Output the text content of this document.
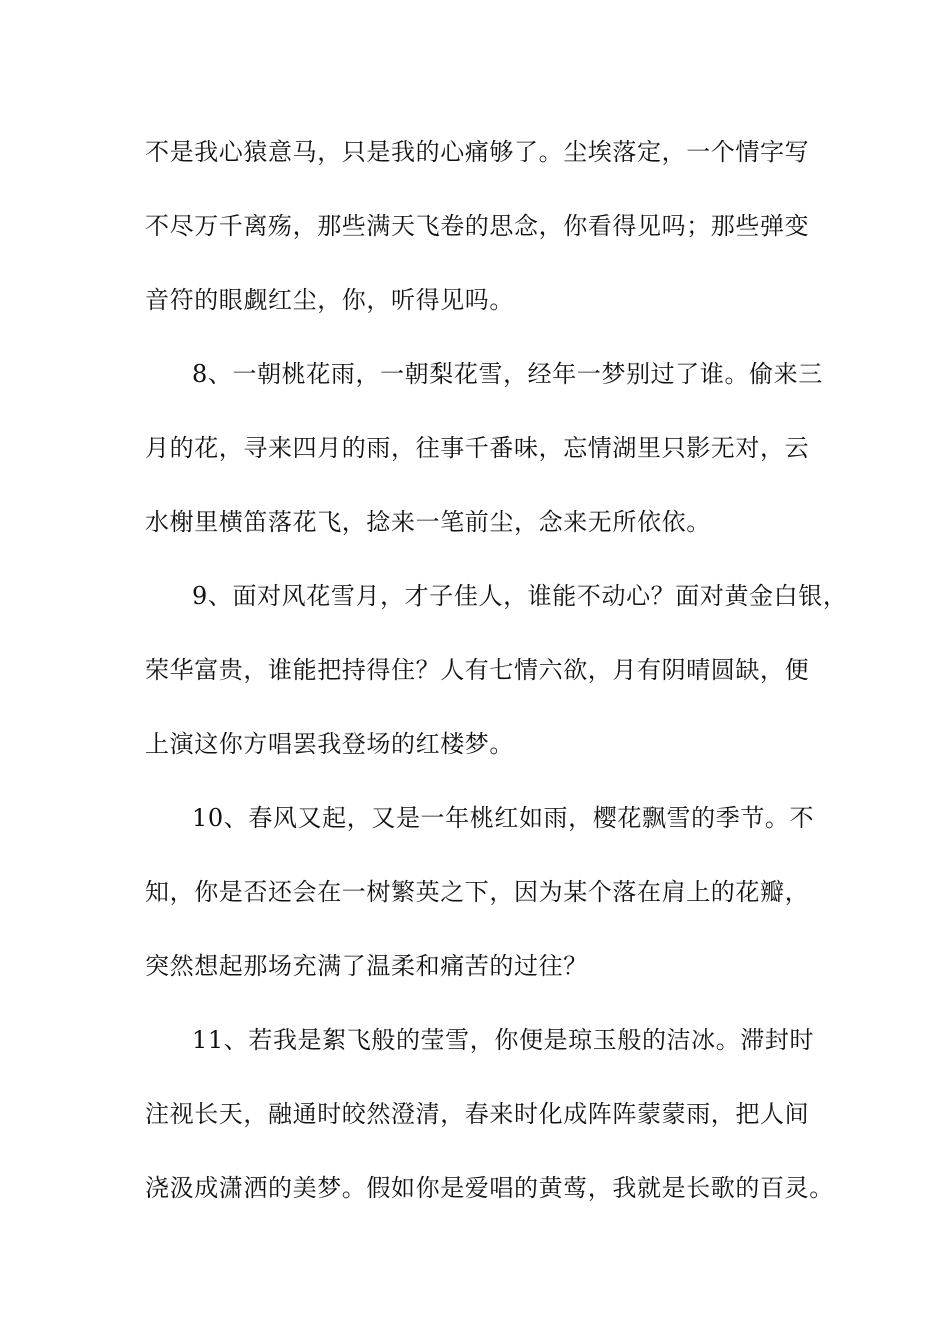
不是我心猿意马，只是我的心痛够了。尘埃落定，一个情字写
不尽万千离殇，那些满天飞卷的思念，你看得见吗；那些弹变
音符的眼觑红尘，你，听得见吗。
8、一朝桃花雨，一朝梨花雪，经年一梦别过了谁。偷来三
月的花，寻来四月的雨，往事千番味，忘情湖里只影无对，云
水榭里横笛落花飞，捻来一笔前尘，念来无所依依。
9、面对风花雪月，才子佳人，谁能不动心？面对黄金白银，
荣华富贵，谁能把持得住？人有七情六欲，月有阴晴圆缺，便
上演这你方唱罢我登场的红楼梦。
10、春风又起，又是一年桃红如雨，樱花飘雪的季节。不
知，你是否还会在一树繁英之下，因为某个落在肩上的花瓣，
突然想起那场充满了温柔和痛苦的过往？
11、若我是絮飞般的莹雪，你便是琼玉般的洁冰。滞封时
注视长天，融通时皎然澄清，春来时化成阵阵蒙蒙雨，把人间
浇汲成潇洒的美梦。假如你是爱唱的黄莺，我就是长歌的百灵。
